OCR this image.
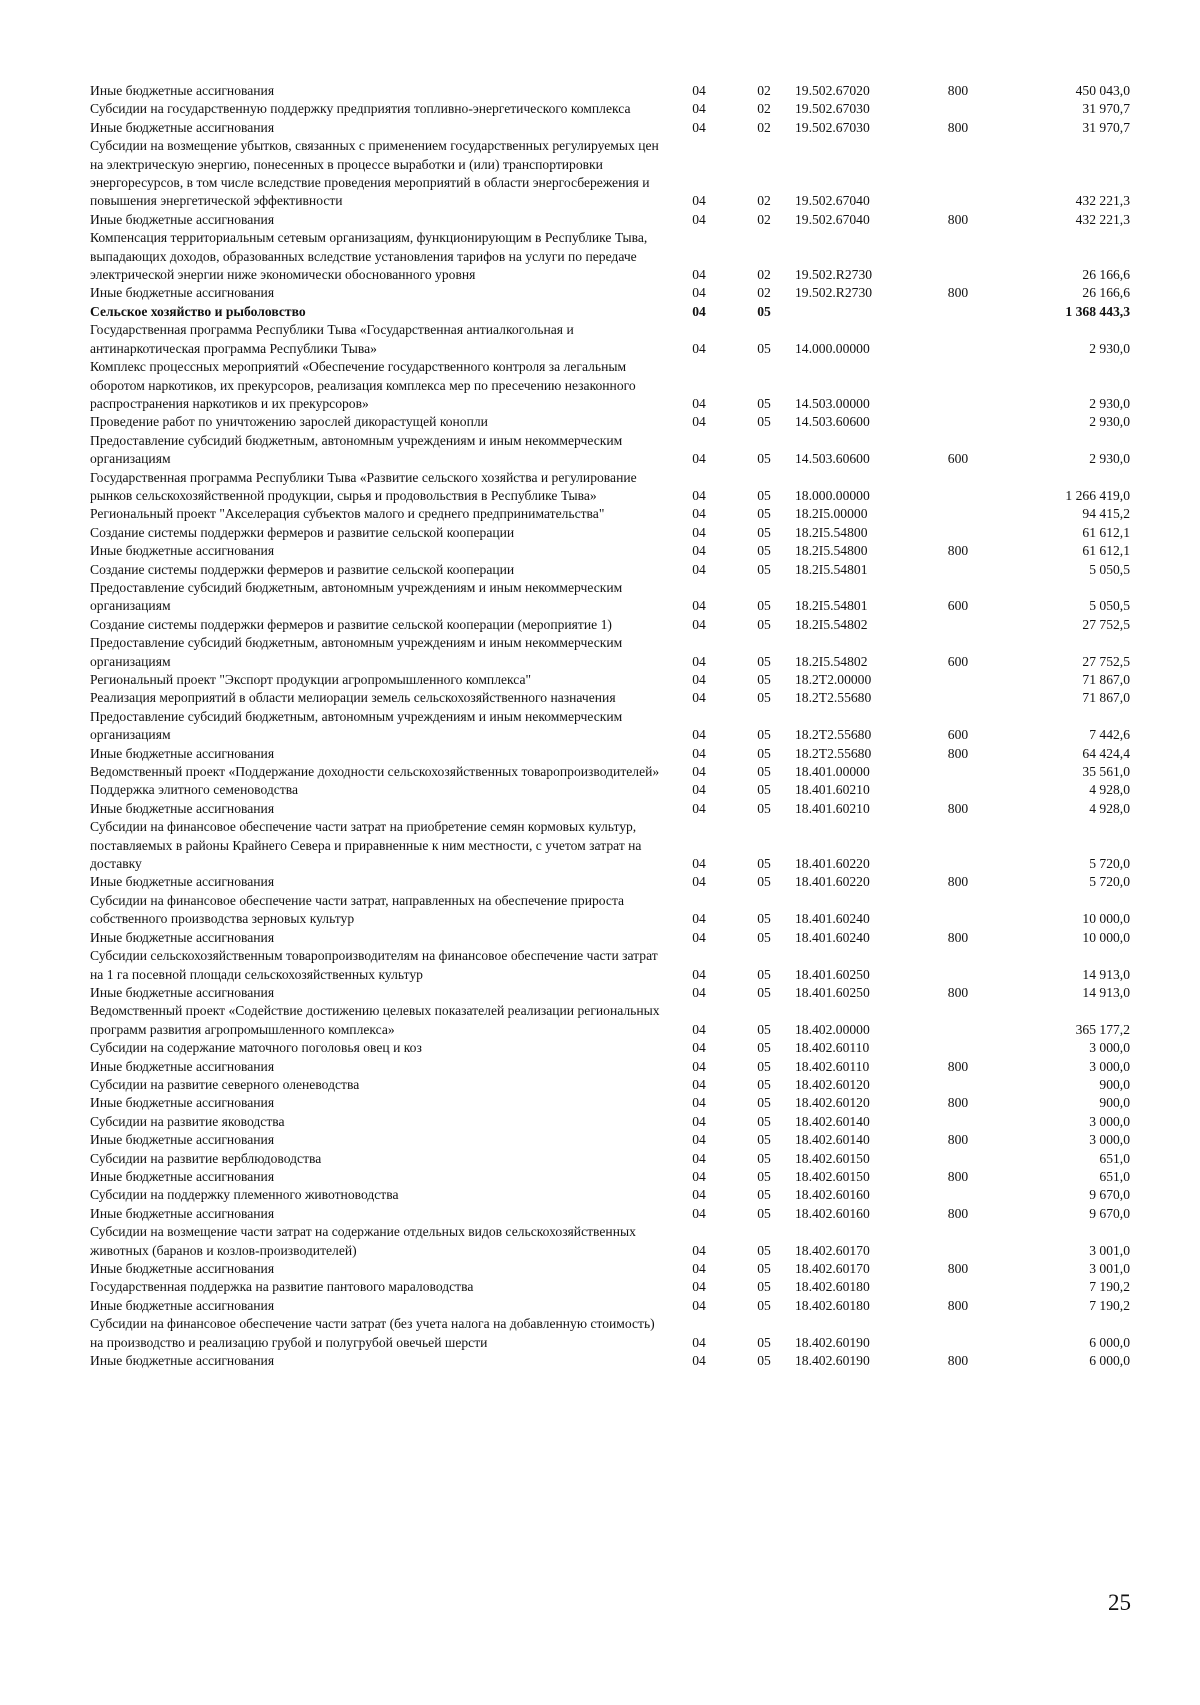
Иные бюджетные ассигнования	04	02	19.502.67020	800	450 043,0
Субсидии на государственную поддержку предприятия топливно-энергетического комплекса	04	02	19.502.67030		31 970,7
Иные бюджетные ассигнования	04	02	19.502.67030	800	31 970,7
Субсидии на возмещение убытков, связанных с применением государственных регулируемых цен на электрическую энергию, понесенных в процессе выработки и (или) транспортировки энергоресурсов, в том числе вследствие проведения мероприятий в области энергосбережения и повышения энергетической эффективности	04	02	19.502.67040		432 221,3
Иные бюджетные ассигнования	04	02	19.502.67040	800	432 221,3
Компенсация территориальным сетевым организациям, функционирующим в Республике Тыва, выпадающих доходов, образованных вследствие установления тарифов на услуги по передаче электрической энергии ниже экономически обоснованного уровня	04	02	19.502.R2730		26 166,6
Иные бюджетные ассигнования	04	02	19.502.R2730	800	26 166,6
Сельское хозяйство и рыболовство	04	05			1 368 443,3
Государственная программа Республики Тыва «Государственная антиалкогольная и антинаркотическая программа Республики Тыва»	04	05	14.000.00000		2 930,0
Комплекс процессных мероприятий «Обеспечение государственного контроля за легальным оборотом наркотиков, их прекурсоров, реализация комплекса мер по пресечению незаконного распространения наркотиков и их прекурсоров»	04	05	14.503.00000		2 930,0
Проведение работ по уничтожению зарослей дикорастущей конопли	04	05	14.503.60600		2 930,0
Предоставление субсидий бюджетным, автономным учреждениям и иным некоммерческим организациям	04	05	14.503.60600	600	2 930,0
Государственная программа Республики Тыва «Развитие сельского хозяйства и регулирование рынков сельскохозяйственной продукции, сырья и продовольствия в Республике Тыва»	04	05	18.000.00000		1 266 419,0
Региональный проект "Акселерация субъектов малого и среднего предпринимательства"	04	05	18.2I5.00000		94 415,2
Создание системы поддержки фермеров и развитие сельской кооперации	04	05	18.2I5.54800		61 612,1
Иные бюджетные ассигнования	04	05	18.2I5.54800	800	61 612,1
Создание системы поддержки фермеров и развитие сельской кооперации	04	05	18.2I5.54801		5 050,5
Предоставление субсидий бюджетным, автономным учреждениям и иным некоммерческим организациям	04	05	18.2I5.54801	600	5 050,5
Создание системы поддержки фермеров и развитие сельской кооперации (мероприятие 1)	04	05	18.2I5.54802		27 752,5
Предоставление субсидий бюджетным, автономным учреждениям и иным некоммерческим организациям	04	05	18.2I5.54802	600	27 752,5
Региональный проект "Экспорт продукции агропромышленного комплекса"	04	05	18.2T2.00000		71 867,0
Реализация мероприятий в области мелиорации земель сельскохозяйственного назначения	04	05	18.2T2.55680		71 867,0
Предоставление субсидий бюджетным, автономным учреждениям и иным некоммерческим организациям	04	05	18.2T2.55680	600	7 442,6
Иные бюджетные ассигнования	04	05	18.2T2.55680	800	64 424,4
Ведомственный проект «Поддержание доходности сельскохозяйственных товаропроизводителей»	04	05	18.401.00000		35 561,0
Поддержка элитного семеноводства	04	05	18.401.60210		4 928,0
Иные бюджетные ассигнования	04	05	18.401.60210	800	4 928,0
Субсидии на финансовое обеспечение части затрат на приобретение семян кормовых культур, поставляемых в районы Крайнего Севера и приравненные к ним местности, с учетом затрат на доставку	04	05	18.401.60220		5 720,0
Иные бюджетные ассигнования	04	05	18.401.60220	800	5 720,0
Субсидии на финансовое обеспечение части затрат, направленных на обеспечение прироста собственного производства зерновых культур	04	05	18.401.60240		10 000,0
Иные бюджетные ассигнования	04	05	18.401.60240	800	10 000,0
Субсидии сельскохозяйственным товаропроизводителям на финансовое обеспечение части затрат на 1 га посевной площади сельскохозяйственных культур	04	05	18.401.60250		14 913,0
Иные бюджетные ассигнования	04	05	18.401.60250	800	14 913,0
Ведомственный проект «Содействие достижению целевых показателей реализации региональных программ развития агропромышленного комплекса»	04	05	18.402.00000		365 177,2
Субсидии на содержание маточного поголовья овец и коз	04	05	18.402.60110		3 000,0
Иные бюджетные ассигнования	04	05	18.402.60110	800	3 000,0
Субсидии на развитие северного оленеводства	04	05	18.402.60120		900,0
Иные бюджетные ассигнования	04	05	18.402.60120	800	900,0
Субсидии на развитие яководства	04	05	18.402.60140		3 000,0
Иные бюджетные ассигнования	04	05	18.402.60140	800	3 000,0
Субсидии на развитие верблюдоводства	04	05	18.402.60150		651,0
Иные бюджетные ассигнования	04	05	18.402.60150	800	651,0
Субсидии на поддержку племенного животноводства	04	05	18.402.60160		9 670,0
Иные бюджетные ассигнования	04	05	18.402.60160	800	9 670,0
Субсидии на возмещение части затрат на содержание отдельных видов сельскохозяйственных животных (баранов и козлов-производителей)	04	05	18.402.60170		3 001,0
Иные бюджетные ассигнования	04	05	18.402.60170	800	3 001,0
Государственная поддержка на развитие пантового мараловодства	04	05	18.402.60180		7 190,2
Иные бюджетные ассигнования	04	05	18.402.60180	800	7 190,2
Субсидии на финансовое обеспечение части затрат (без учета налога на добавленную стоимость) на производство и реализацию грубой и полугрубой овечьей шерсти	04	05	18.402.60190		6 000,0
Иные бюджетные ассигнования	04	05	18.402.60190	800	6 000,0
25
